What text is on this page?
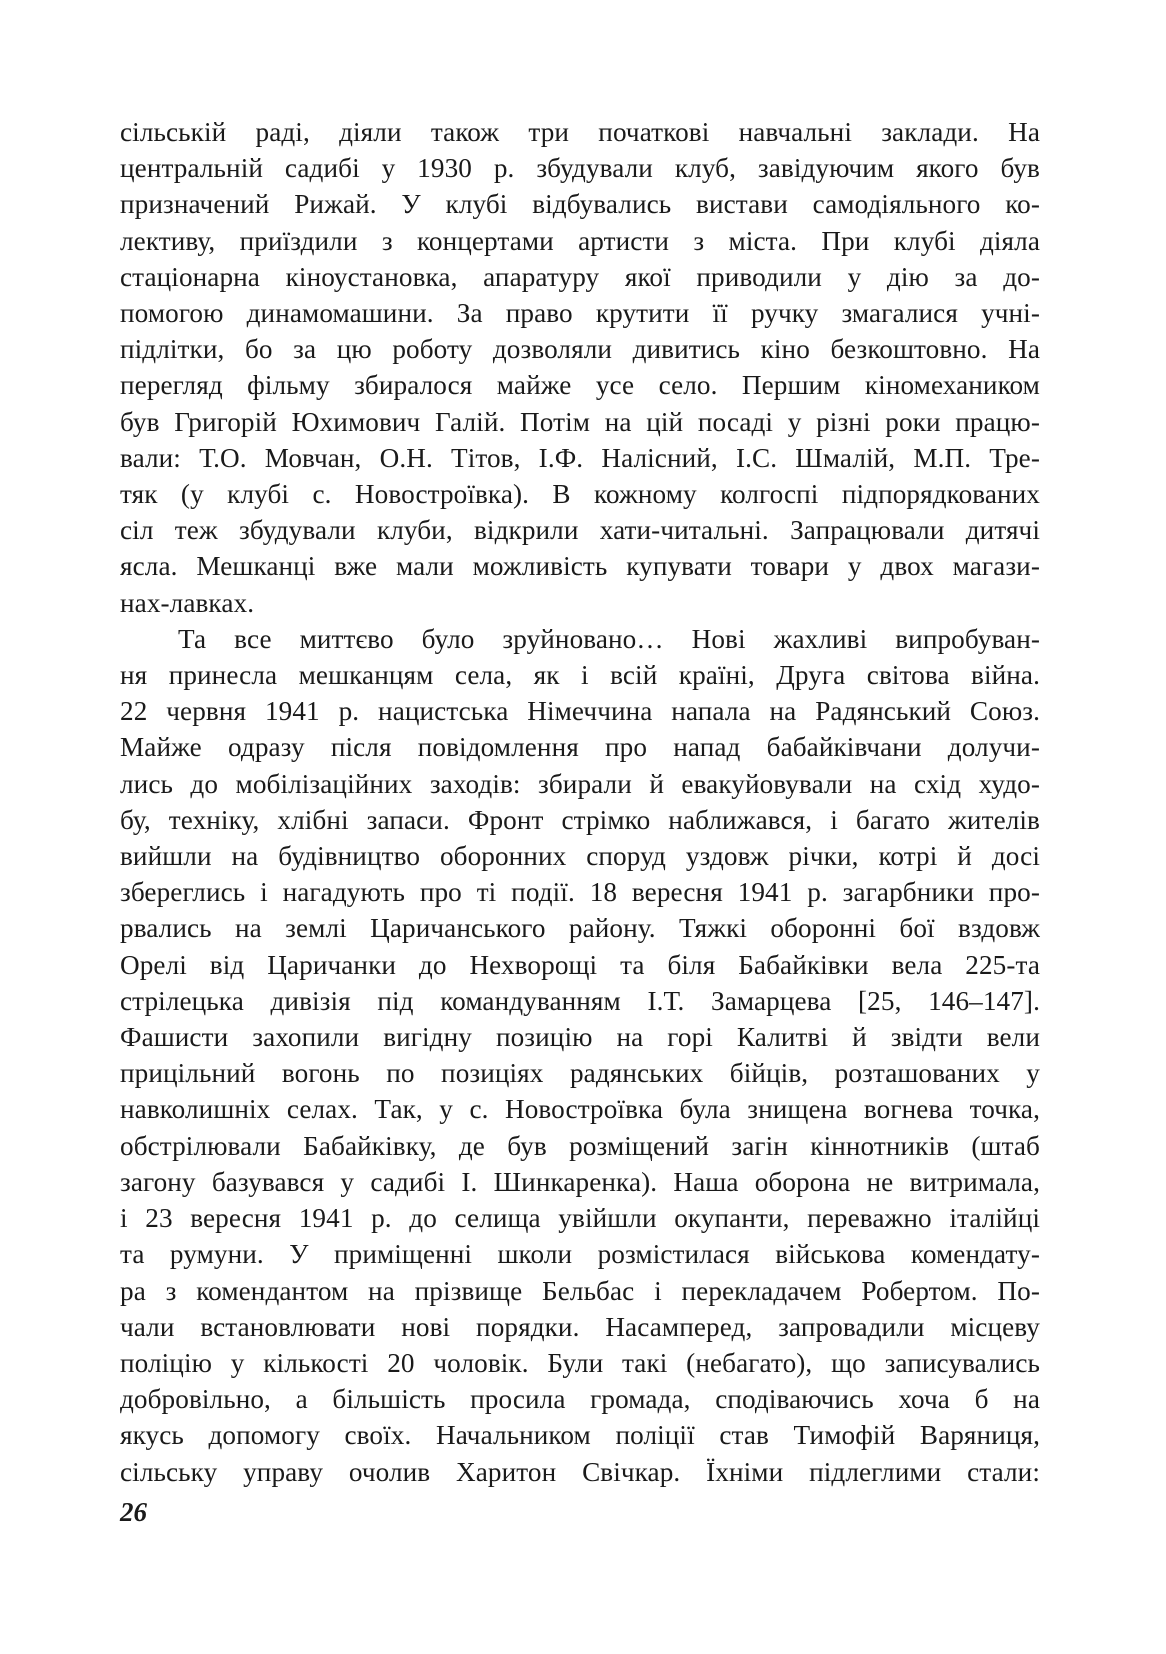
сільській раді, діяли також три початкові навчальні заклади. На

центральній садибі у 1930 р. збудували клуб, завідуючим якого був

призначений Рижай. У клубі відбувались вистави самодіяльного ко-

лективу, приїздили з концертами артисти з міста. При клубі діяла

стаціонарна кіноустановка, апаратуру якої приводили у дію за до-

помогою динамомашини. За право крутити її ручку змагалися учні-

підлітки, бо за цю роботу дозволяли дивитись кіно безкоштовно. На

перегляд фільму збиралося майже усе село. Першим кіномехаником

був Григорій Юхимович Галій. Потім на цій посаді у різні роки працю-

вали: Т.О. Мовчан, О.Н. Тітов, І.Ф. Налісний, І.С. Шмалій, М.П. Тре-

тяк (у клубі с. Новостроївка). В кожному колгоспі підпорядкованих

сіл теж збудували клуби, відкрили хати-читальні. Запрацювали дитячі

ясла. Мешканці вже мали можливість купувати товари у двох магази-

нах-лавках.

Та все миттєво було зруйновано… Нові жахливі випробуван-

ня принесла мешканцям села, як і всій країні, Друга світова війна.

22 червня 1941 р. нацистська Німеччина напала на Радянський Союз.

Майже одразу після повідомлення про напад бабайківчани долучи-

лись до мобілізаційних заходів: збирали й евакуйовували на схід худо-

бу, техніку, хлібні запаси. Фронт стрімко наближався, і багато жителів

вийшли на будівництво оборонних споруд уздовж річки, котрі й досі

збереглись і нагадують про ті події. 18 вересня 1941 р. загарбники про-

рвались на землі Царичанського району. Тяжкі оборонні бої вздовж

Орелі від Царичанки до Нехворощі та біля Бабайківки вела 225-та

стрілецька дивізія під командуванням І.Т. Замарцева [25, 146–147].

Фашисти захопили вигідну позицію на горі Калитві й звідти вели

прицільний вогонь по позиціях радянських бійців, розташованих у

навколишніх селах. Так, у с. Новостроївка була знищена вогнева точка,

обстрілювали Бабайківку, де був розміщений загін кіннотників (штаб

загону базувався у садибі І. Шинкаренка). Наша оборона не витримала,

і 23 вересня 1941 р. до селища увійшли окупанти, переважно італійці

та румуни. У приміщенні школи розмістилася військова комендату-

ра з комендантом на прізвище Бельбас і перекладачем Робертом. По-

чали встановлювати нові порядки. Насамперед, запровадили місцеву

поліцію у кількості 20 чоловік. Були такі (небагато), що записувались

добровільно, а більшість просила громада, сподіваючись хоча б на

якусь допомогу своїх. Начальником поліції став Тимофій Варяниця,

сільську управу очолив Харитон Свічкар. Їхніми підлеглими стали:

26
